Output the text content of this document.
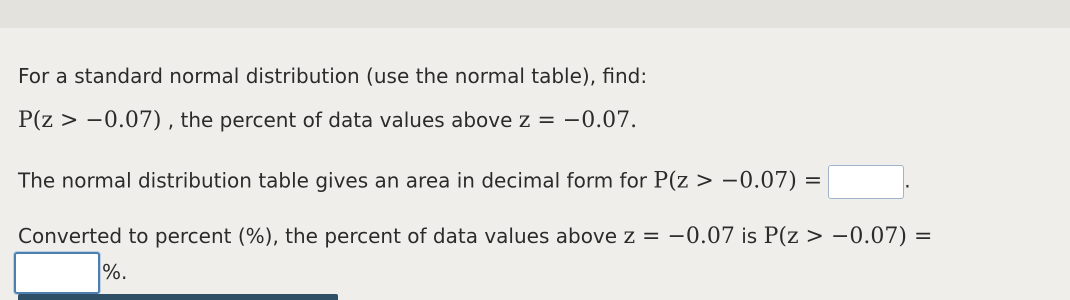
For a standard normal distribution (use the normal table), find:
P(z > −0.07) , the percent of data values above z = −0.07.
The normal distribution table gives an area in decimal form for P(z > −0.07) =	.
Converted to percent (%), the percent of data values above z = −0.07 is P(z > −0.07) =
%.
